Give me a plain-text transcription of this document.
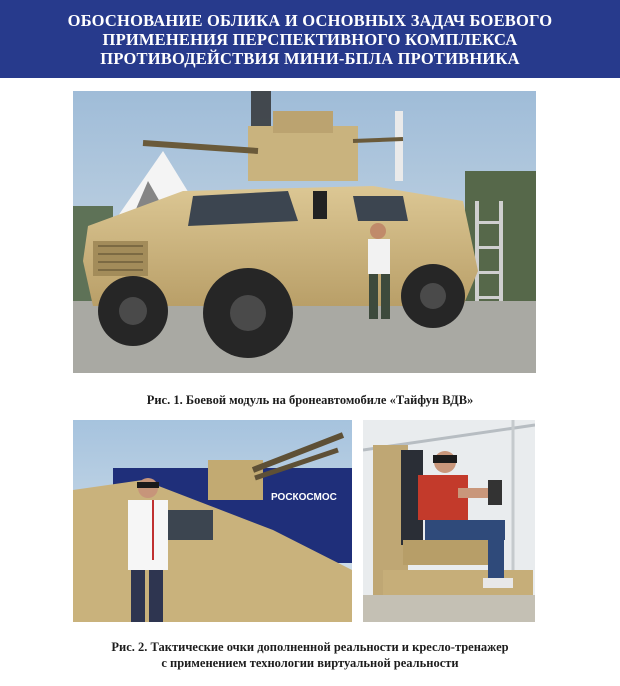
ОБОСНОВАНИЕ ОБЛИКА И ОСНОВНЫХ ЗАДАЧ БОЕВОГО
ПРИМЕНЕНИЯ ПЕРСПЕКТИВНОГО КОМПЛЕКСА
ПРОТИВОДЕЙСТВИЯ МИНИ-БПЛА ПРОТИВНИКА
Рис. 1. Боевой модуль на бронеавтомобиле «Тайфун ВДВ»
РОСКОСМОС
Рис. 2. Тактические очки дополненной реальности и кресло-тренажер
с применением технологии виртуальной реальности
